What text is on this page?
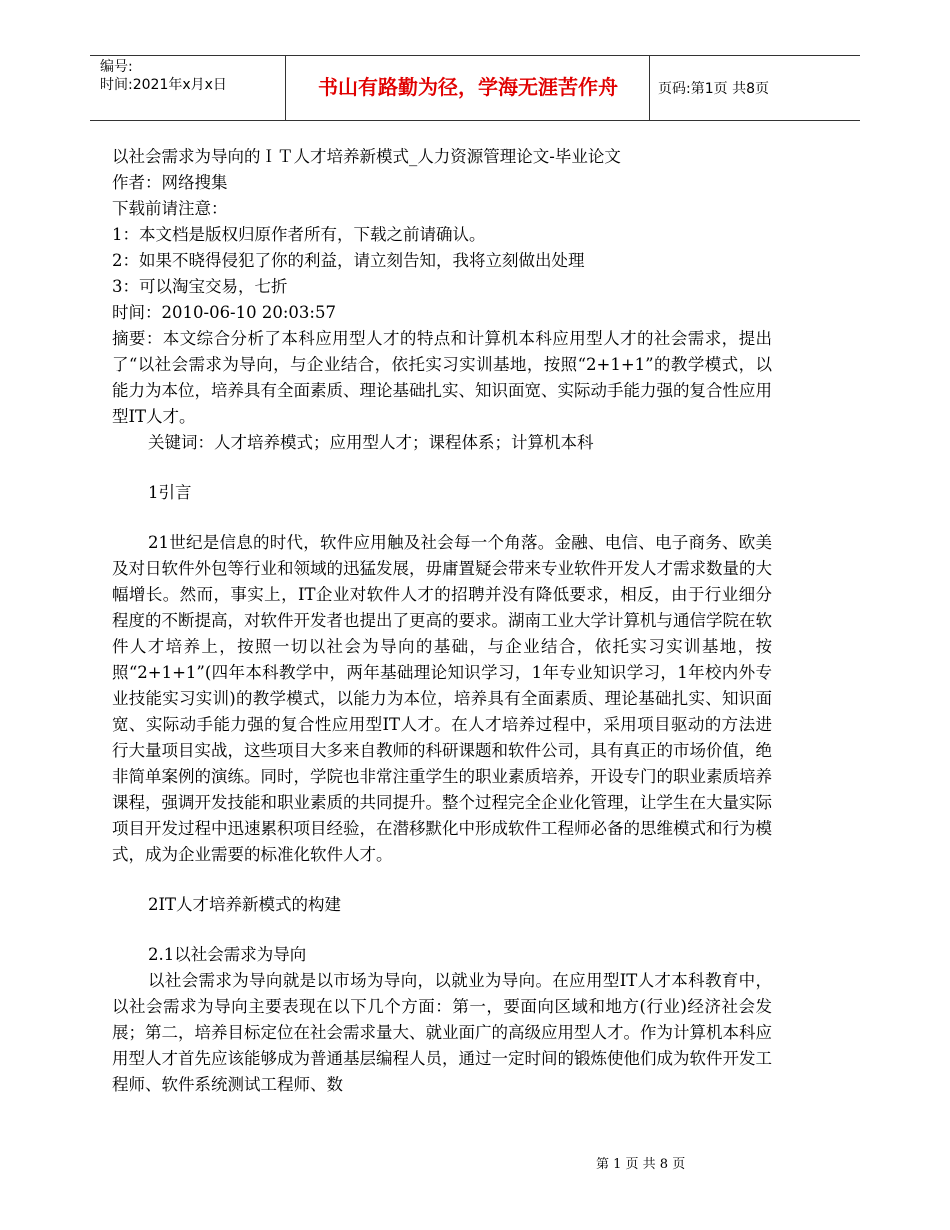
编号:
时间:2021年x月x日	书山有路勤为径，学海无涯苦作舟	页码:第1页 共8页
以社会需求为导向的ＩＴ人才培养新模式_人力资源管理论文-毕业论文
作者：网络搜集
下载前请注意：
1：本文档是版权归原作者所有，下载之前请确认。
2：如果不晓得侵犯了你的利益，请立刻告知，我将立刻做出处理
3：可以淘宝交易，七折
时间：2010-06-10 20:03:57
摘要：本文综合分析了本科应用型人才的特点和计算机本科应用型人才的社会需求，提出了“以社会需求为导向，与企业结合，依托实习实训基地，按照“2+1+1”的教学模式，以能力为本位，培养具有全面素质、理论基础扎实、知识面宽、实际动手能力强的复合性应用型IT人才。
关键词：人才培养模式；应用型人才；课程体系；计算机本科
1引言
21世纪是信息的时代，软件应用触及社会每一个角落。金融、电信、电子商务、欧美及对日软件外包等行业和领域的迅猛发展，毋庸置疑会带来专业软件开发人才需求数量的大幅增长。然而，事实上，IT企业对软件人才的招聘并没有降低要求，相反，由于行业细分程度的不断提高，对软件开发者也提出了更高的要求。湖南工业大学计算机与通信学院在软件人才培养上，按照一切以社会为导向的基础，与企业结合，依托实习实训基地，按照“2+1+1”(四年本科教学中，两年基础理论知识学习，1年专业知识学习，1年校内外专业技能实习实训)的教学模式，以能力为本位，培养具有全面素质、理论基础扎实、知识面宽、实际动手能力强的复合性应用型IT人才。在人才培养过程中，采用项目驱动的方法进行大量项目实战，这些项目大多来自教师的科研课题和软件公司，具有真正的市场价值，绝非简单案例的演练。同时，学院也非常注重学生的职业素质培养，开设专门的职业素质培养课程，强调开发技能和职业素质的共同提升。整个过程完全企业化管理，让学生在大量实际项目开发过程中迅速累积项目经验，在潜移默化中形成软件工程师必备的思维模式和行为模式，成为企业需要的标准化软件人才。
2IT人才培养新模式的构建
2.1以社会需求为导向
以社会需求为导向就是以市场为导向，以就业为导向。在应用型IT人才本科教育中，以社会需求为导向主要表现在以下几个方面：第一，要面向区域和地方(行业)经济社会发展；第二，培养目标定位在社会需求量大、就业面广的高级应用型人才。作为计算机本科应用型人才首先应该能够成为普通基层编程人员，通过一定时间的锻炼使他们成为软件开发工程师、软件系统测试工程师、数
第 1 页 共 8 页
